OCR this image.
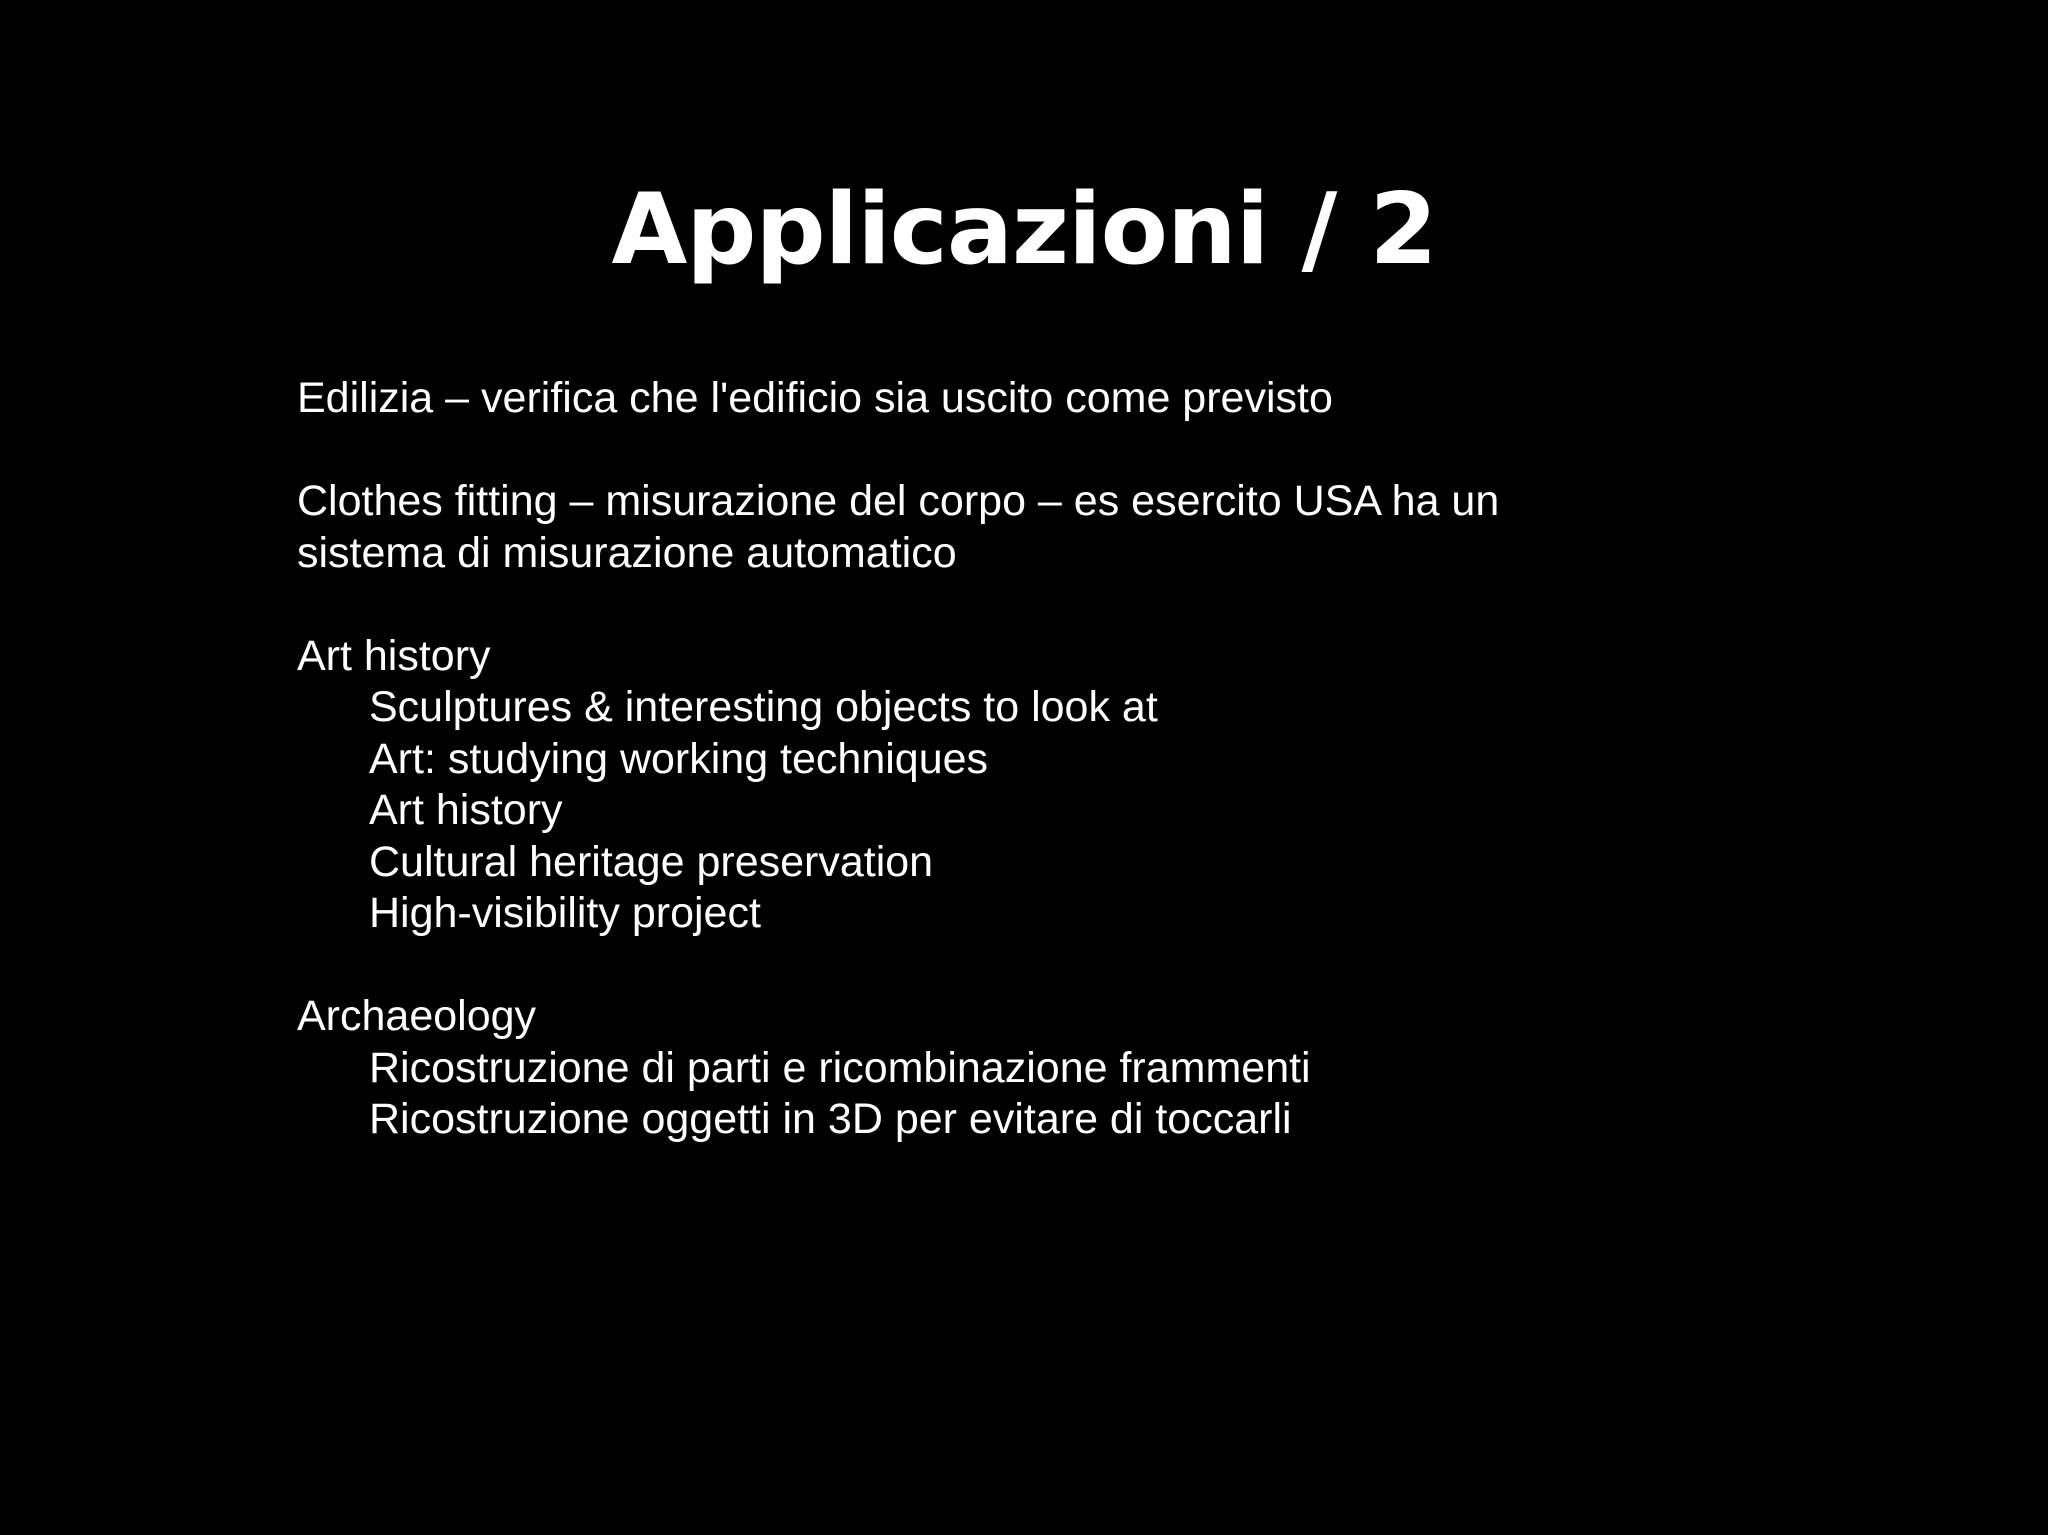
Applicazioni / 2
Edilizia – verifica che l'edificio sia uscito come previsto
Clothes fitting – misurazione del corpo – es esercito USA ha un
sistema di misurazione automatico
Art history
Sculptures & interesting objects to look at
Art: studying working techniques
Art history
Cultural heritage preservation
High-visibility project
Archaeology
Ricostruzione di parti e ricombinazione frammenti
Ricostruzione oggetti in 3D per evitare di toccarli
